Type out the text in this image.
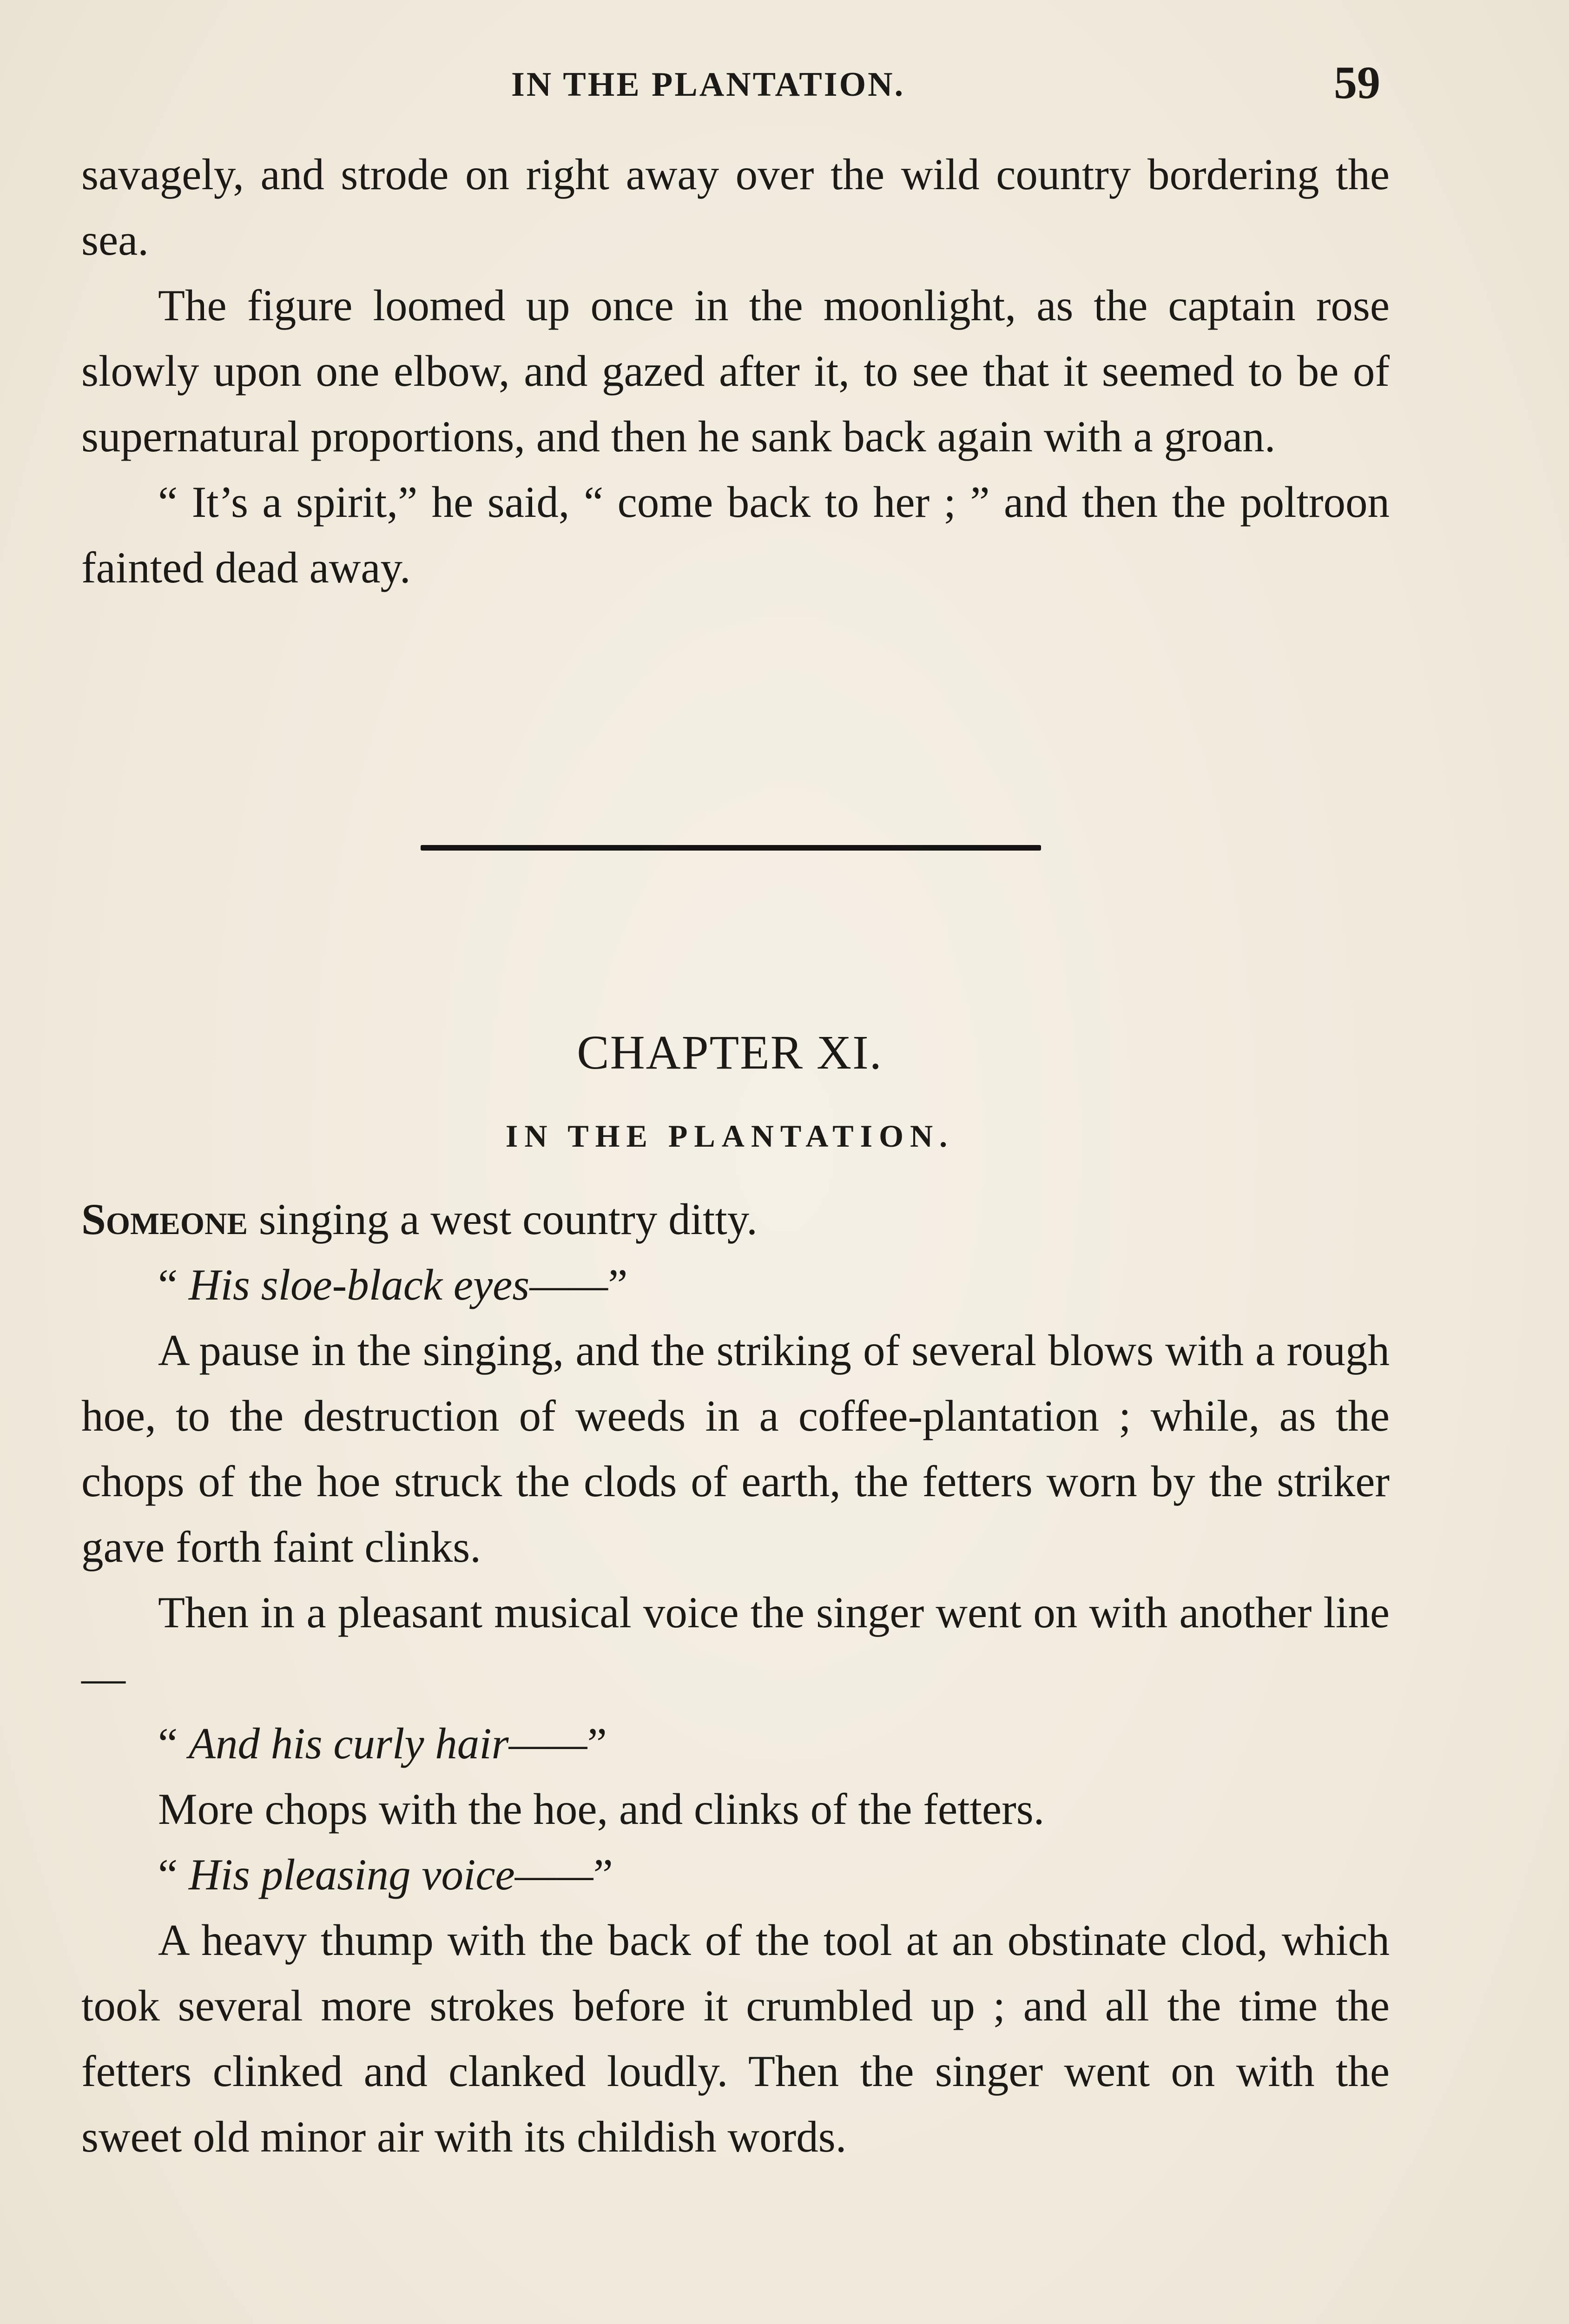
IN THE PLANTATION.	59

savagely, and strode on right away over the wild country bordering the sea.

The figure loomed up once in the moonlight, as the captain rose slowly upon one elbow, and gazed after it, to see that it seemed to be of supernatural proportions, and then he sank back again with a groan.

“ It’s a spirit,” he said, “ come back to her ; ” and then the poltroon fainted dead away.

CHAPTER XI.
IN THE PLANTATION.

Someone singing a west country ditty.

“ His sloe-black eyes——”

A pause in the singing, and the striking of several blows with a rough hoe, to the destruction of weeds in a coffee-plantation ; while, as the chops of the hoe struck the clods of earth, the fetters worn by the striker gave forth faint clinks.

Then in a pleasant musical voice the singer went on with another line—

“ And his curly hair——”

More chops with the hoe, and clinks of the fetters.

“ His pleasing voice——”

A heavy thump with the back of the tool at an obstinate clod, which took several more strokes before it crumbled up ; and all the time the fetters clinked and clanked loudly. Then the singer went on with the sweet old minor air with its childish words.
